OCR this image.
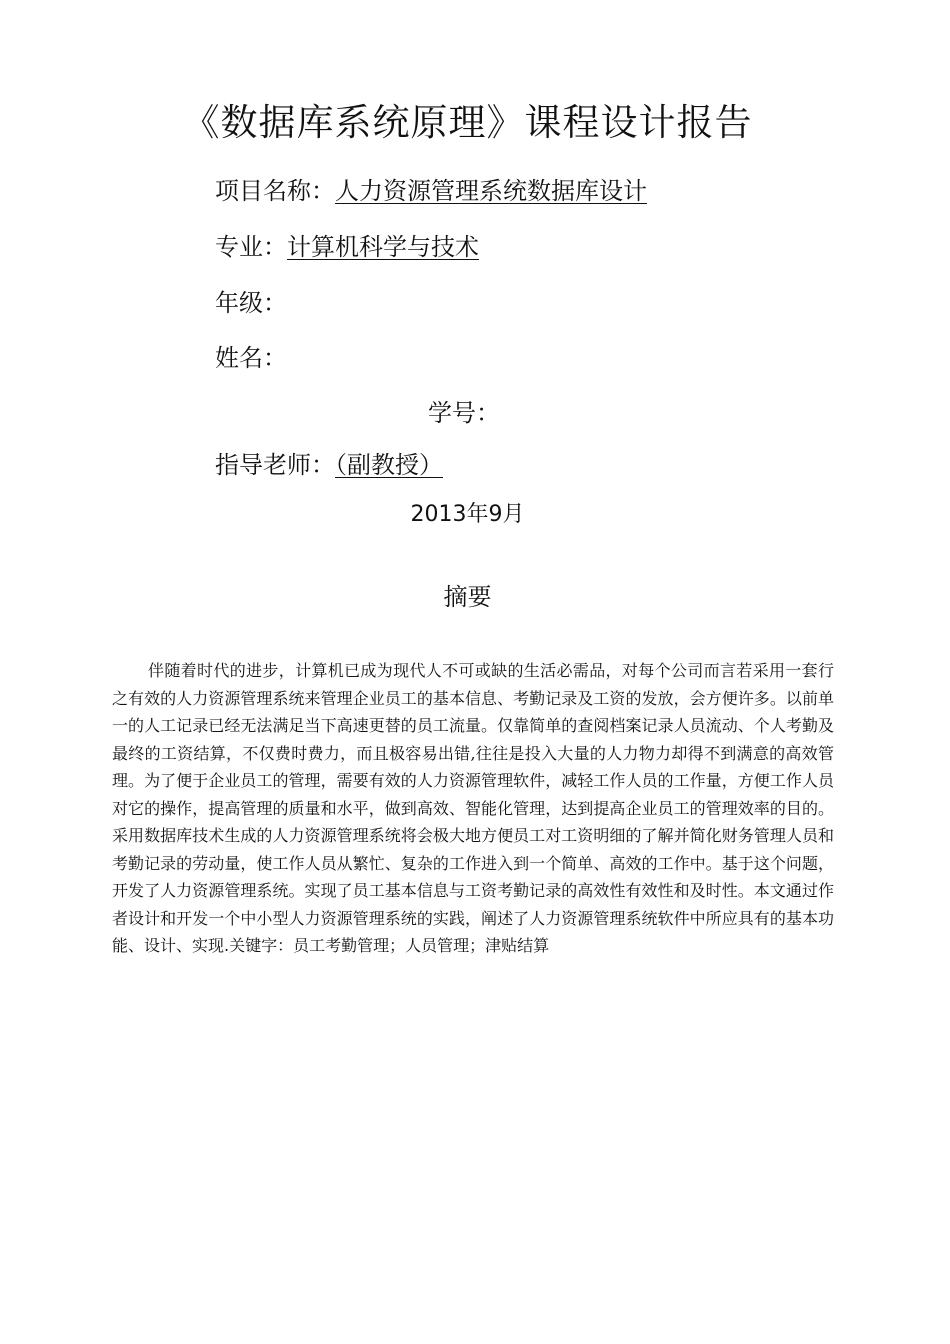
《数据库系统原理》课程设计报告
项目名称：人力资源管理系统数据库设计
专业：计算机科学与技术
年级：
姓名：
学号：
指导老师：（副教授）
2013年9月
摘要

伴随着时代的进步，计算机已成为现代人不可或缺的生活必需品，对每个公司而言若采用一套行之有效的人力资源管理系统来管理企业员工的基本信息、考勤记录及工资的发放，会方便许多。以前单一的人工记录已经无法满足当下高速更替的员工流量。仅靠简单的查阅档案记录人员流动、个人考勤及最终的工资结算，不仅费时费力，而且极容易出错,往往是投入大量的人力物力却得不到满意的高效管理。为了便于企业员工的管理，需要有效的人力资源管理软件，减轻工作人员的工作量，方便工作人员对它的操作，提高管理的质量和水平，做到高效、智能化管理，达到提高企业员工的管理效率的目的。采用数据库技术生成的人力资源管理系统将会极大地方便员工对工资明细的了解并简化财务管理人员和考勤记录的劳动量，使工作人员从繁忙、复杂的工作进入到一个简单、高效的工作中。基于这个问题，开发了人力资源管理系统。实现了员工基本信息与工资考勤记录的高效性有效性和及时性。本文通过作者设计和开发一个中小型人力资源管理系统的实践，阐述了人力资源管理系统软件中所应具有的基本功能、设计、实现.关键字：员工考勤管理；人员管理；津贴结算
